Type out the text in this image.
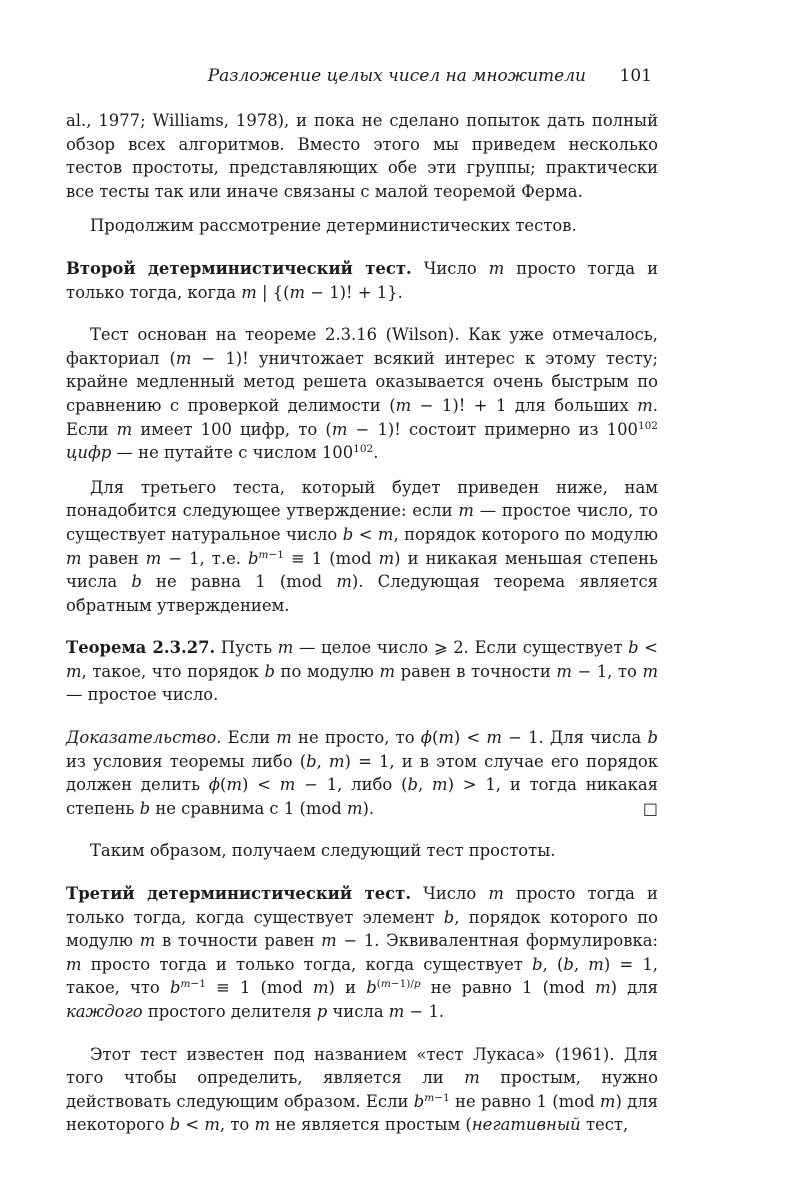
Разложение целых чисел на множители 101

al., 1977; Williams, 1978), и пока не сделано попыток дать полный обзор всех алгоритмов. Вместо этого мы приведем несколько тестов простоты, представляющих обе эти группы; практически все тесты так или иначе связаны с малой теоремой Ферма.

Продолжим рассмотрение детерминистических тестов.

Второй детерминистический тест. Число m просто тогда и только тогда, когда m | {(m − 1)! + 1}.

Тест основан на теореме 2.3.16 (Wilson). Как уже отмечалось, факториал (m − 1)! уничтожает всякий интерес к этому тесту; крайне медленный метод решета оказывается очень быстрым по сравнению с проверкой делимости (m − 1)! + 1 для больших m. Если m имеет 100 цифр, то (m − 1)! состоит примерно из $100^{102}$ цифр — не путайте с числом $100^{102}$.

Для третьего теста, который будет приведен ниже, нам понадобится следующее утверждение: если m — простое число, то существует натуральное число b < m, порядок которого по модулю m равен m − 1, т.е. $b^{m-1} \equiv 1$ (mod m) и никакая меньшая степень числа b не равна 1 (mod m). Следующая теорема является обратным утверждением.

Теорема 2.3.27. Пусть m — целое число ⩾ 2. Если существует b < m, такое, что порядок b по модулю m равен в точности m − 1, то m — простое число.

Доказательство. Если m не просто, то ϕ(m) < m − 1. Для числа b из условия теоремы либо (b, m) = 1, и в этом случае его порядок должен делить ϕ(m) < m − 1, либо (b, m) > 1, и тогда никакая степень b не сравнима с 1 (mod m).	□

Таким образом, получаем следующий тест простоты.

Третий детерминистический тест. Число m просто тогда и только тогда, когда существует элемент b, порядок которого по модулю m в точности равен m − 1. Эквивалентная формулировка: m просто тогда и только тогда, когда существует b, (b, m) = 1, такое, что $b^{m-1} \equiv 1$ (mod m) и $b^{(m-1)/p}$ не равно 1 (mod m) для каждого простого делителя p числа m − 1.

Этот тест известен под названием «тест Лукаса» (1961). Для того чтобы определить, является ли m простым, нужно действовать следующим образом. Если $b^{m-1}$ не равно 1 (mod m) для некоторого b < m, то m не является простым (негативный тест,
